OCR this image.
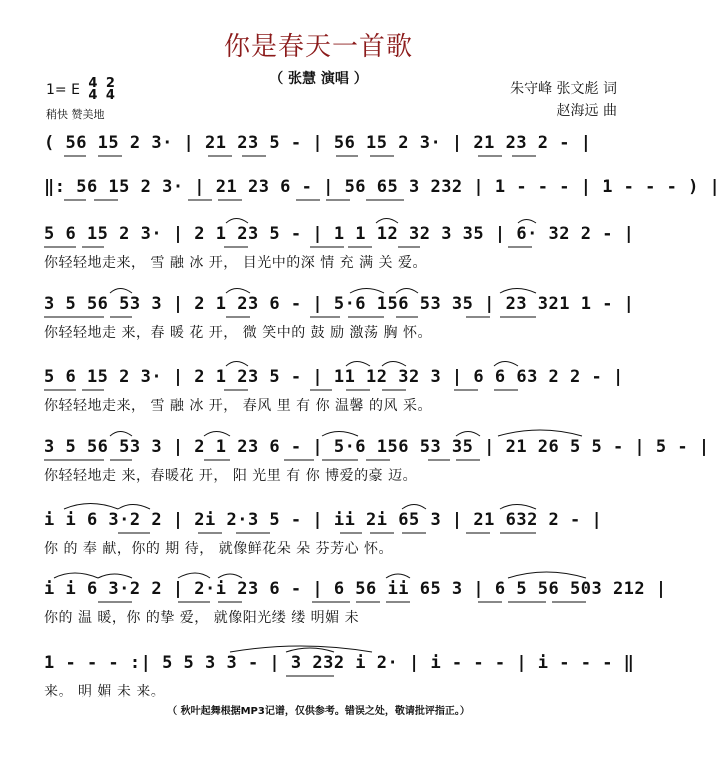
你是春天一首歌
（ 张慧 演唱 ）
朱守峰 张文彪 词
赵海远 曲
1= E 4
4 2
4
稍快 赞美地
( 56 15 2 3· | 21 23 5 - | 56 15 2 3· | 21 23 2 - |
‖: 56 15 2 3· | 21 23 6 - | 56 65 3 232 | 1 - - - | 1 - - - ) |
5 6 15 2 3· | 2 1 23 5 - | 1 1 12 32 3 35 | 6· 32 2 - |
你轻轻地走来， 雪 融 冰 开， 目光中的深 情 充 满 关 爱。
3 5 56 53 3 | 2 1 23 6 - | 5·6 156 53 35 | 23 321 1 - |
你轻轻地走 来，春 暖 花 开， 微 笑中的 鼓 励 激荡 胸 怀。
5 6 15 2 3· | 2 1 23 5 - | 11 12 32 3 | 6 6 63 2 2 - |
你轻轻地走来， 雪 融 冰 开， 春风 里 有 你 温馨 的风 采。
3 5 56 53 3 | 2 1 23 6 - | 5·6 156 53 35 | 21 26 5 5 - | 5 - |
你轻轻地走 来，春暖花 开， 阳 光里 有 你 博爱的豪 迈。
i i 6 3·2 2 | 2i 2·3 5 - | ii 2i 65 3 | 21 632 2 - |
你 的 奉 献，你的 期 待， 就像鲜花朵 朵 芬芳心 怀。
i i 6 3·2 2 | 2·i 23 6 - | 6 56 ii 65 3 | 6 5 56 503 212 |
你的 温 暖，你 的挚 爱， 就像阳光缕 缕 明媚 未
1 - - - :| 5 5 3 3 - | 3 232 i 2· | i - - - | i - - - ‖
来。 明 媚 未 来。
（ 秋叶起舞根据MP3记谱，仅供参考。错误之处，敬请批评指正。）
